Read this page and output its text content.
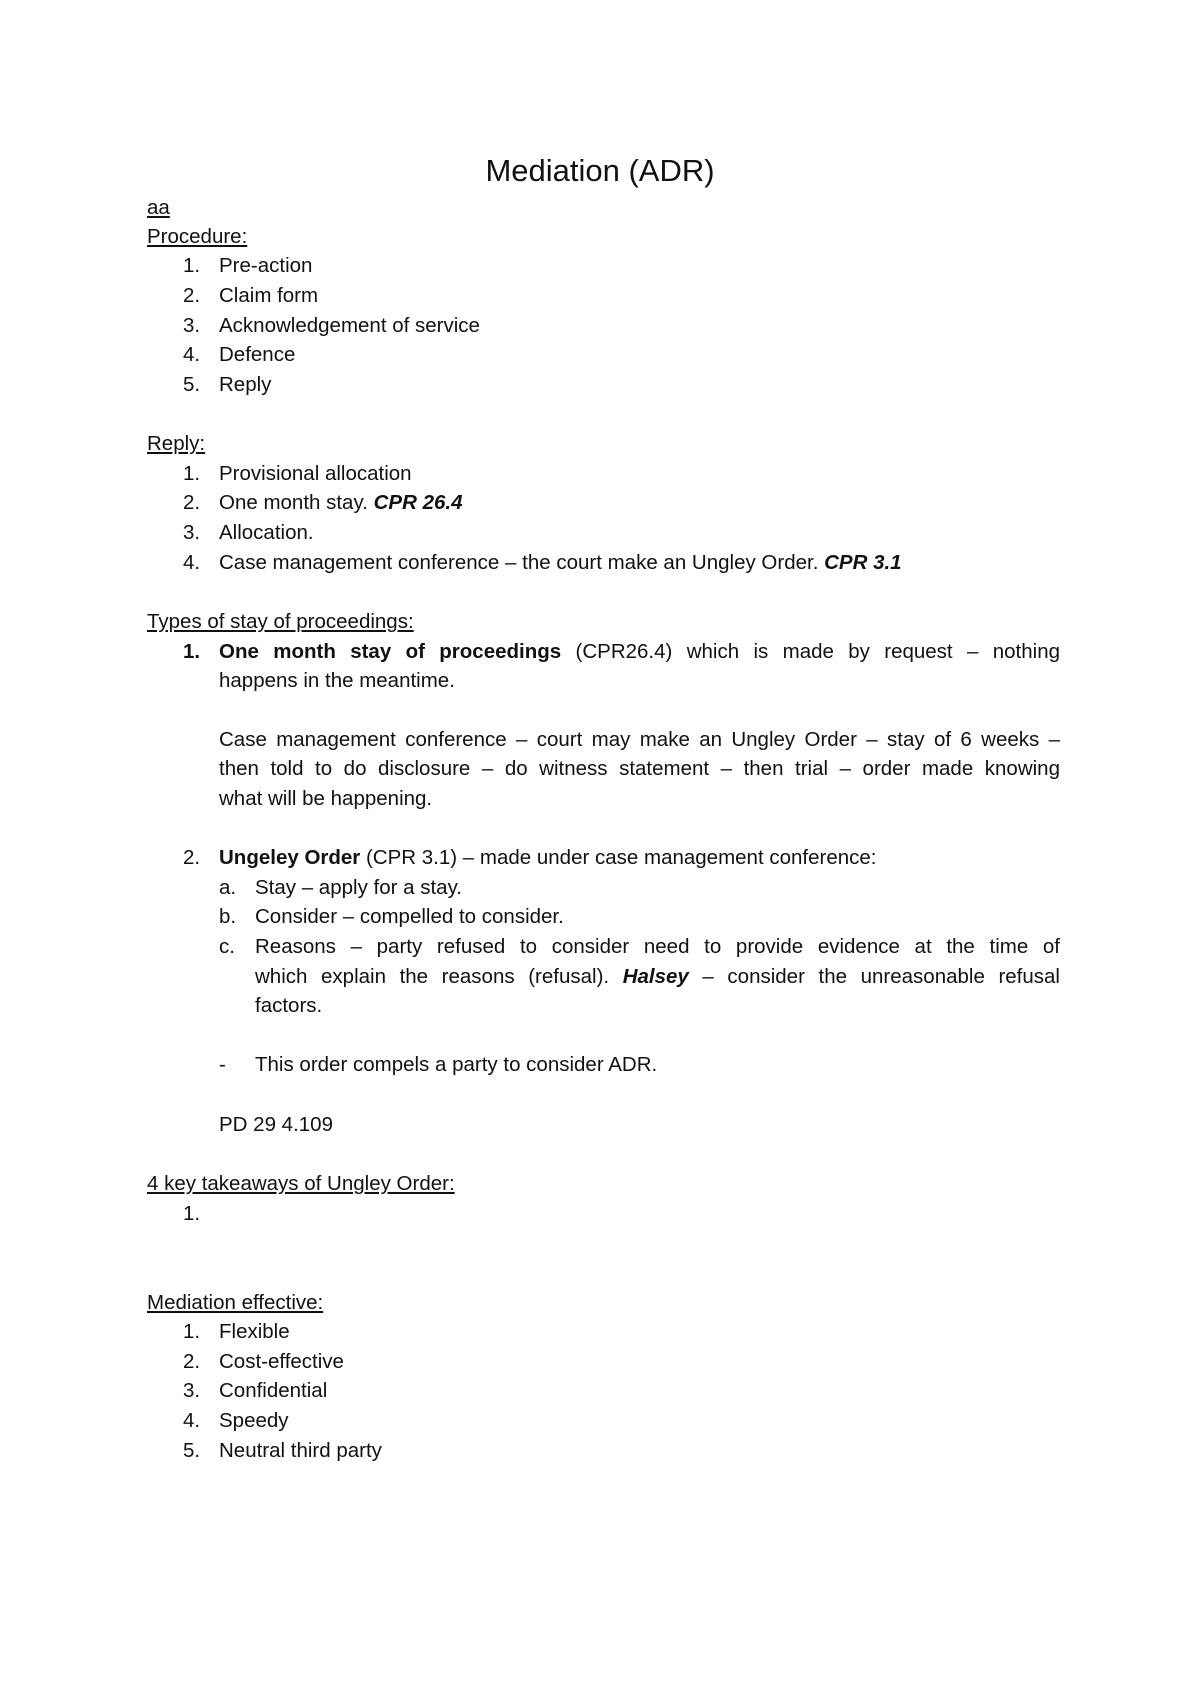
Mediation (ADR)
aa
Procedure:
1. Pre-action
2. Claim form
3. Acknowledgement of service
4. Defence
5. Reply
Reply:
1. Provisional allocation
2. One month stay. CPR 26.4
3. Allocation.
4. Case management conference – the court make an Ungley Order. CPR 3.1
Types of stay of proceedings:
1. One month stay of proceedings (CPR26.4) which is made by request – nothing
happens in the meantime.
Case management conference – court may make an Ungley Order – stay of 6 weeks –
then told to do disclosure – do witness statement – then trial – order made knowing
what will be happening.
2. Ungeley Order (CPR 3.1) – made under case management conference:
a. Stay – apply for a stay.
b. Consider – compelled to consider.
c. Reasons – party refused to consider need to provide evidence at the time of
which explain the reasons (refusal). Halsey – consider the unreasonable refusal
factors.
- This order compels a party to consider ADR.
PD 29 4.109
4 key takeaways of Ungley Order:
1.
Mediation effective:
1. Flexible
2. Cost-effective
3. Confidential
4. Speedy
5. Neutral third party
